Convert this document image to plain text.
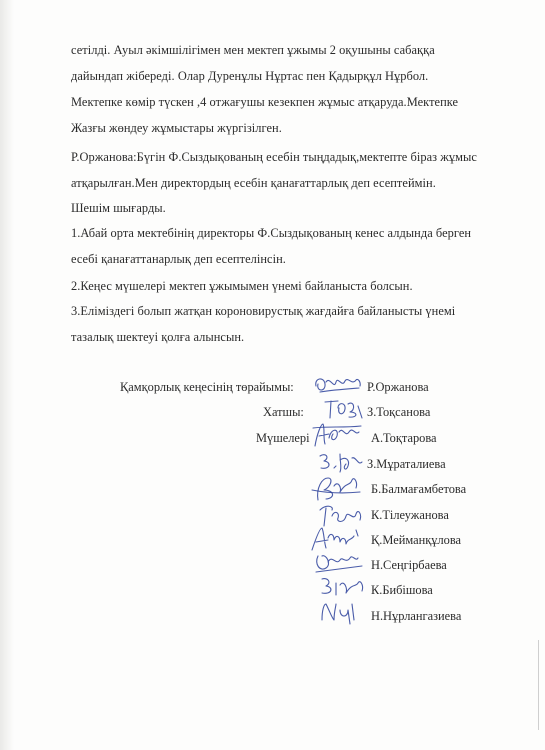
сетілді. Ауыл әкімшілігімен мен мектеп ұжымы 2 оқушыны сабаққа
дайындап жібереді. Олар Дуренұлы Нұртас пен Қадырқұл Нұрбол.
Мектепке көмір түскен ,4 отжағушы кезекпен жұмыс атқаруда.Мектепке
Жазғы жөндеу жұмыстары жүргізілген.
Р.Оржанова:Бүгін Ф.Сыздықованың есебін тыңдадық,мектепте біраз жұмыс
атқарылған.Мен директордың есебін қанағаттарлық деп есептеймін.
Шешім шығарды.
1.Абай орта мектебінің директоры Ф.Сыздықованың кенес алдында берген
есебі қанағаттанарлық деп есептелінсін.
2.Кеңес мүшелері мектеп ұжымымен үнемі байланыста болсын.
3.Еліміздегі болып жатқан короновирустық жағдайға байланысты үнемі
тазалық шектеуі қолға алынсын.
Қамқорлық кеңесінің төрайымы:
Хатшы:
Мүшелері
Р.Оржанова
З.Тоқсанова
А.Тоқтарова
З.Мұраталиева
Б.Балмағамбетова
К.Тілеужанова
Қ.Мейманқұлова
Н.Сеңгірбаева
К.Бибішова
Н.Нұрлангазиева
